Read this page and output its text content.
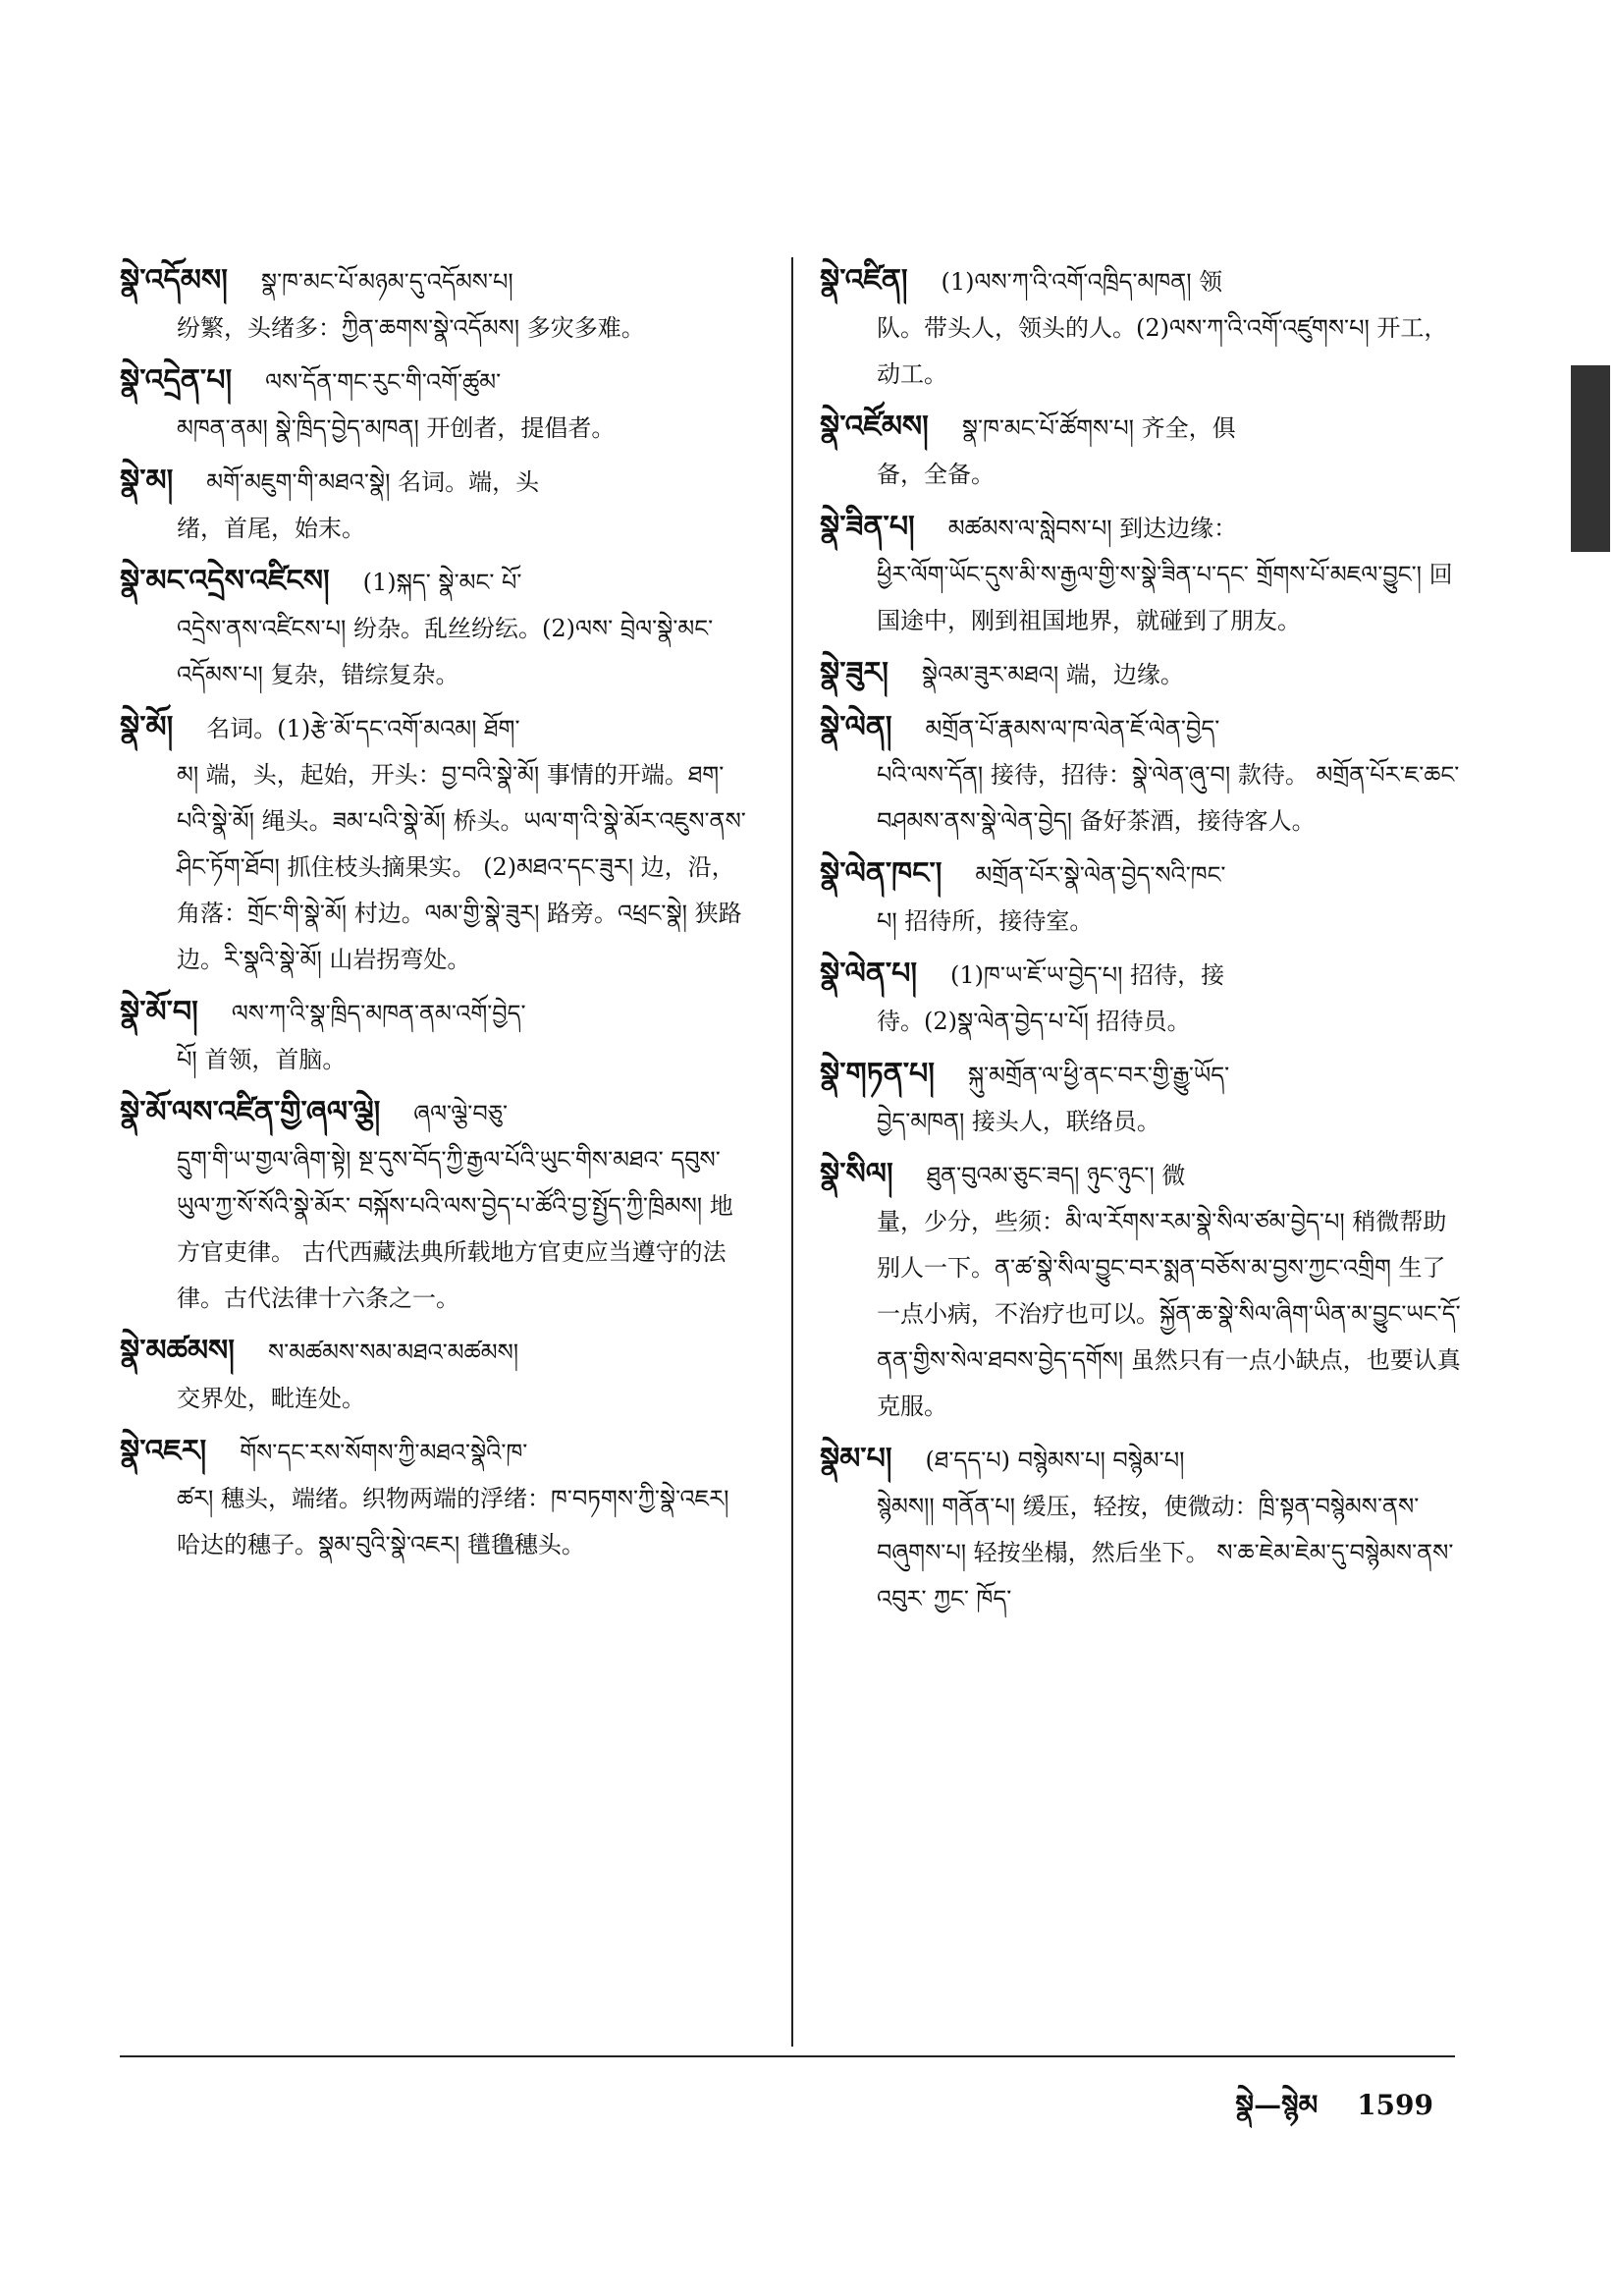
སྣེ་འདོམས། སྣ་ཁ་མང་པོ་མཉམ་དུ་འདོམས་པ།
纷繁，头绪多：ཀྱིན་ཆགས་སྣེ་འདོམས། 多灾多难。
སྣེ་འདྲེན་པ། ལས་དོན་གང་རུང་གི་འགོ་ཚུམ་
མཁན་ནམ། སྣེ་ཁྲིད་བྱེད་མཁན། 开创者，提倡者。
སྣེ་མ། མགོ་མཇུག་གི་མཐའ་སྣེ། 名词。端，头
绪，首尾，始末。
སྣེ་མང་འདྲེས་འཛིངས། (1)སྐད་ སྣེ་མང་ པོ་
འདྲེས་ནས་འཛིངས་པ། 纷杂。乱丝纷纭。(2)ལས་ བྲེལ་སྣེ་མང་འདོམས་པ། 复杂，错综复杂。
སྣེ་མོ། 名词。(1)རྩེ་མོ་དང་འགོ་མའམ། ཐོག་
མ། 端，头，起始，开头：བྱ་བའི་སྣེ་མོ། 事情的开端。ཐག་པའི་སྣེ་མོ། 绳头。ཟམ་པའི་སྣེ་མོ། 桥头。ཡལ་ག་འི་སྣེ་མོར་འཇུས་ནས་ཤིང་ཏོག་ཐོབ། 抓住枝头摘果实。 (2)མཐའ་དང་ཟུར། 边，沿，角落：གྲོང་གི་སྣེ་མོ། 村边。ལམ་གྱི་སྣེ་ཟུར། 路旁。འཕྲང་སྣེ། 狭路边。རི་སྣའི་སྣེ་མོ། 山岩拐弯处。
སྣེ་མོ་བ། ལས་ཀ་འི་སྣ་ཁྲིད་མཁན་ནམ་འགོ་བྱེད་
པོ། 首领，首脑。
སྣེ་མོ་ལས་འཛིན་གྱི་ཞལ་ལྕེ། ཞལ་ལྕེ་བཅུ་
དྲུག་གི་ཡ་གྱལ་ཞིག་སྟེ། སྔ་དུས་བོད་ཀྱི་རྒྱལ་པོའི་ཡུང་གིས་མཐའ་ དབུས་ཡུལ་ཀྱ་སོ་སོའི་སྣེ་མོར་ བསྐོས་པའི་ལས་བྱེད་པ་ཚོའི་བྱ་སྤྱོད་ཀྱི་ཁྲིམས། 地方官吏律。 古代西藏法典所载地方官吏应当遵守的法律。古代法律十六条之一。
སྣེ་མཚམས། ས་མཚམས་སམ་མཐའ་མཚམས།
交界处，毗连处。
སྣེ་འཇར། གོས་དང་རས་སོགས་ཀྱི་མཐའ་སྣེའི་ཁ་
ཚར། 穗头，端绪。织物两端的浮绪：ཁ་བཏགས་ཀྱི་སྣེ་འཇར། 哈达的穗子。སྣམ་བུའི་སྣེ་འཇར། 氆氇穗头。
སྣེ་འཛིན། (1)ལས་ཀ་འི་འགོ་འཁྲིད་མཁན། 领
队。带头人，领头的人。(2)ལས་ཀ་འི་འགོ་འཛུགས་པ། 开工，动工。
སྣེ་འཛོམས། སྣ་ཁ་མང་པོ་ཚོགས་པ། 齐全，俱
备，全备。
སྣེ་ཟིན་པ། མཚམས་ལ་སླེབས་པ། 到达边缘：
ཕྱིར་ལོག་ཡོང་དུས་མི་ས་རྒྱལ་གྱི་ས་སྣེ་ཟིན་པ་དང་ གྲོགས་པོ་མཇལ་བྱུང་། 回国途中，刚到祖国地界，就碰到了朋友。
སྣེ་ཟུར། སྣེའམ་ཟུར་མཐའ། 端，边缘。
སྣེ་ལེན། མགྲོན་པོ་རྣམས་ལ་ཁ་ལེན་ཇོ་ལེན་བྱེད་
པའི་ལས་དོན། 接待，招待：སྣེ་ལེན་ཞུ་བ། 款待。 མགྲོན་པོར་ཇ་ཆང་བཤམས་ནས་སྣེ་ལེན་བྱེད། 备好茶酒，接待客人。
སྣེ་ལེན་ཁང་། མགྲོན་པོར་སྣེ་ལེན་བྱེད་སའི་ཁང་
པ། 招待所，接待室。
སྣེ་ལེན་པ། (1)ཁ་ཡ་ཇོ་ཡ་བྱེད་པ། 招待，接
待。(2)སྣ་ལེན་བྱེད་པ་པོ། 招待员。
སྣེ་གཏན་པ། སྐུ་མགྲོན་ལ་ཕྱི་ནང་བར་གྱི་རྒྱུ་ཡོད་
བྱེད་མཁན། 接头人，联络员。
སྣེ་སིལ། ཐུན་བུའམ་ཅུང་ཟད། ཉུང་ཉུང་། 微
量，少分，些须：མི་ལ་རོགས་རམ་སྣེ་སིལ་ཙམ་བྱེད་པ། 稍微帮助别人一下。ན་ཚ་སྣེ་སིལ་བྱུང་བར་སྨན་བཅོས་མ་བྱས་ཀྱང་འགྲིག 生了一点小病，不治疗也可以。སྐྱོན་ཆ་སྣེ་སིལ་ཞིག་ཡིན་མ་བྱུང་ཡང་དོ་ནན་གྱིས་སེལ་ཐབས་བྱེད་དགོས། 虽然只有一点小缺点，也要认真克服。
སྣེམ་པ། (ཐ་དད་པ) བསྙེམས་པ། བསྙེམ་པ།
སྙེམས།། གནོན་པ། 缓压，轻按，使微动：ཁྲི་སྟན་བསྙེམས་ནས་བཞུགས་པ། 轻按坐榻，然后坐下。 ས་ཆ་ཇེམ་ཇེམ་དུ་བསྙེམས་ནས་ འབུར་ ཀྱང་ ཁོད་
སྣེ—སྙེམ 1599
